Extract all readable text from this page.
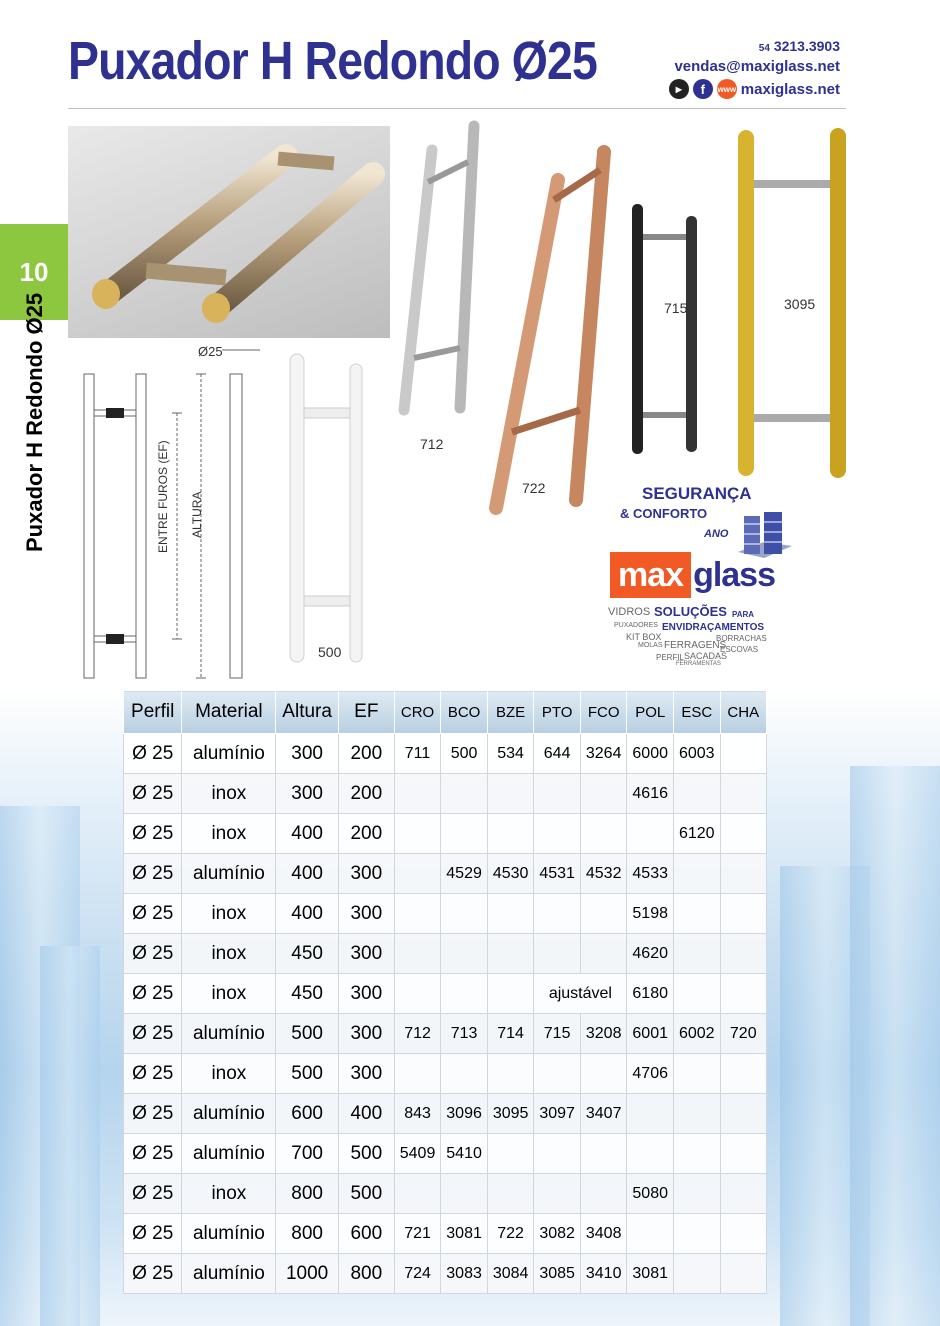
Puxador H Redondo Ø25	54 3213.3903
vendas@maxiglass.net
▶	f	www maxiglass.net
10
Puxador H Redondo Ø25	Ø25
ENTRE FUROS (EF) ALTURA
500
712
722
715	3095
SEGURANÇA
& CONFORTO
ANO
max glass
VIDROS SOLUÇÕES PARA
PUXADORES ENVIDRAÇAMENTOS
KIT BOX	BORRACHAS
MOLAS FERRAGENS
ESCOVAS
PERFIL SACADAS
FERRAMENTAS
Perfil	Material	Altura	EF	CRO	BCO	BZE	PTO	FCO	POL	ESC	CHA
Ø 25	alumínio	300	200	711	500	534	644	3264	6000	6003	
Ø 25	inox	300	200						4616		
Ø 25	inox	400	200							6120	
Ø 25	alumínio	400	300		4529	4530	4531	4532	4533		
Ø 25	inox	400	300						5198		
Ø 25	inox	450	300						4620		
Ø 25	inox	450	300				ajustável		6180		
Ø 25	alumínio	500	300	712	713	714	715	3208	6001	6002	720
Ø 25	inox	500	300						4706		
Ø 25	alumínio	600	400	843	3096	3095	3097	3407			
Ø 25	alumínio	700	500	5409	5410						
Ø 25	inox	800	500						5080		
Ø 25	alumínio	800	600	721	3081	722	3082	3408			
Ø 25	alumínio	1000	800	724	3083	3084	3085	3410	3081		
